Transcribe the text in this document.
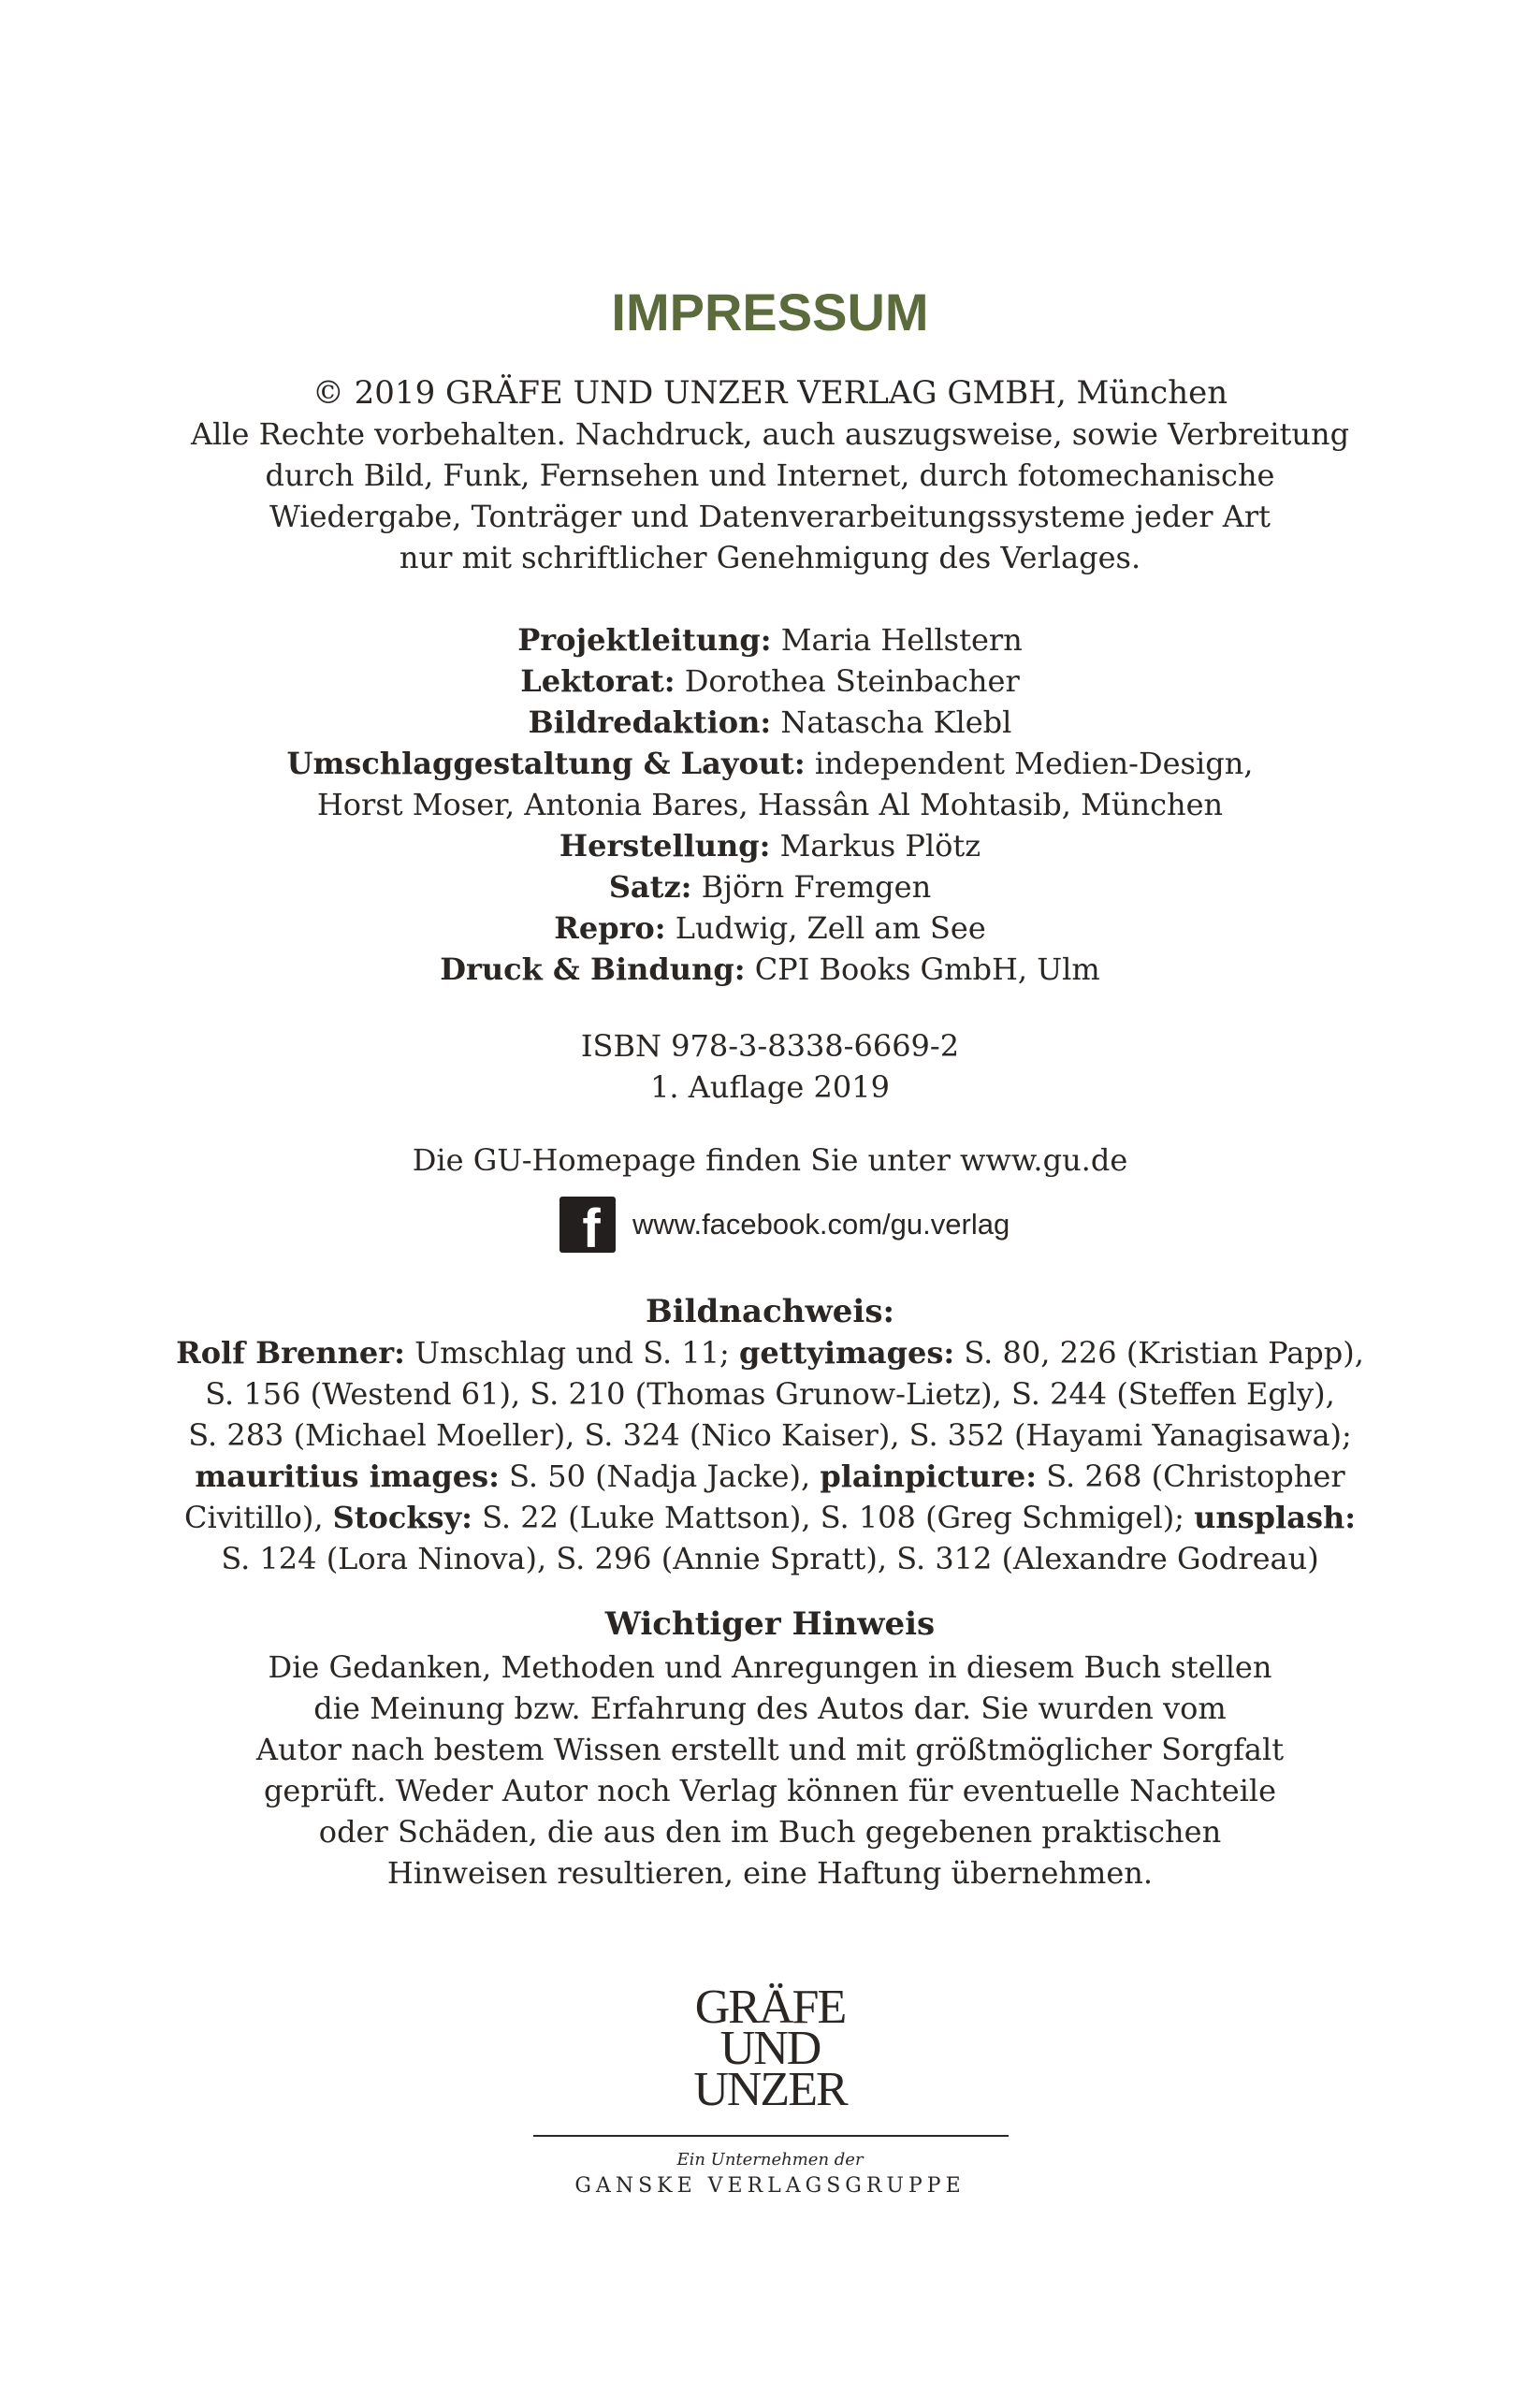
IMPRESSUM
© 2019 GRÄFE UND UNZER VERLAG GMBH, München
Alle Rechte vorbehalten. Nachdruck, auch auszugsweise, sowie Verbreitung
durch Bild, Funk, Fernsehen und Internet, durch fotomechanische
Wiedergabe, Tonträger und Datenverarbeitungssysteme jeder Art
nur mit schriftlicher Genehmigung des Verlages.
Projektleitung: Maria Hellstern
Lektorat: Dorothea Steinbacher
Bildredaktion: Natascha Klebl
Umschlaggestaltung & Layout: independent Medien-Design,
Horst Moser, Antonia Bares, Hassân Al Mohtasib, München
Herstellung: Markus Plötz
Satz: Björn Fremgen
Repro: Ludwig, Zell am See
Druck & Bindung: CPI Books GmbH, Ulm
ISBN 978-3-8338-6669-2
1. Auflage 2019
Die GU-Homepage finden Sie unter www.gu.de
f	www.facebook.com/gu.verlag
Bildnachweis:
Rolf Brenner: Umschlag und S. 11; gettyimages: S. 80, 226 (Kristian Papp),
S. 156 (Westend 61), S. 210 (Thomas Grunow-Lietz), S. 244 (Steffen Egly),
S. 283 (Michael Moeller), S. 324 (Nico Kaiser), S. 352 (Hayami Yanagisawa);
mauritius images: S. 50 (Nadja Jacke), plainpicture: S. 268 (Christopher
Civitillo), Stocksy: S. 22 (Luke Mattson), S. 108 (Greg Schmigel); unsplash:
S. 124 (Lora Ninova), S. 296 (Annie Spratt), S. 312 (Alexandre Godreau)
Wichtiger Hinweis
Die Gedanken, Methoden und Anregungen in diesem Buch stellen
die Meinung bzw. Erfahrung des Autos dar. Sie wurden vom
Autor nach bestem Wissen erstellt und mit größtmöglicher Sorgfalt
geprüft. Weder Autor noch Verlag können für eventuelle Nachteile
oder Schäden, die aus den im Buch gegebenen praktischen
Hinweisen resultieren, eine Haftung übernehmen.
GRÄFE
UND
UNZER
Ein Unternehmen der
GANSKE VERLAGSGRUPPE
